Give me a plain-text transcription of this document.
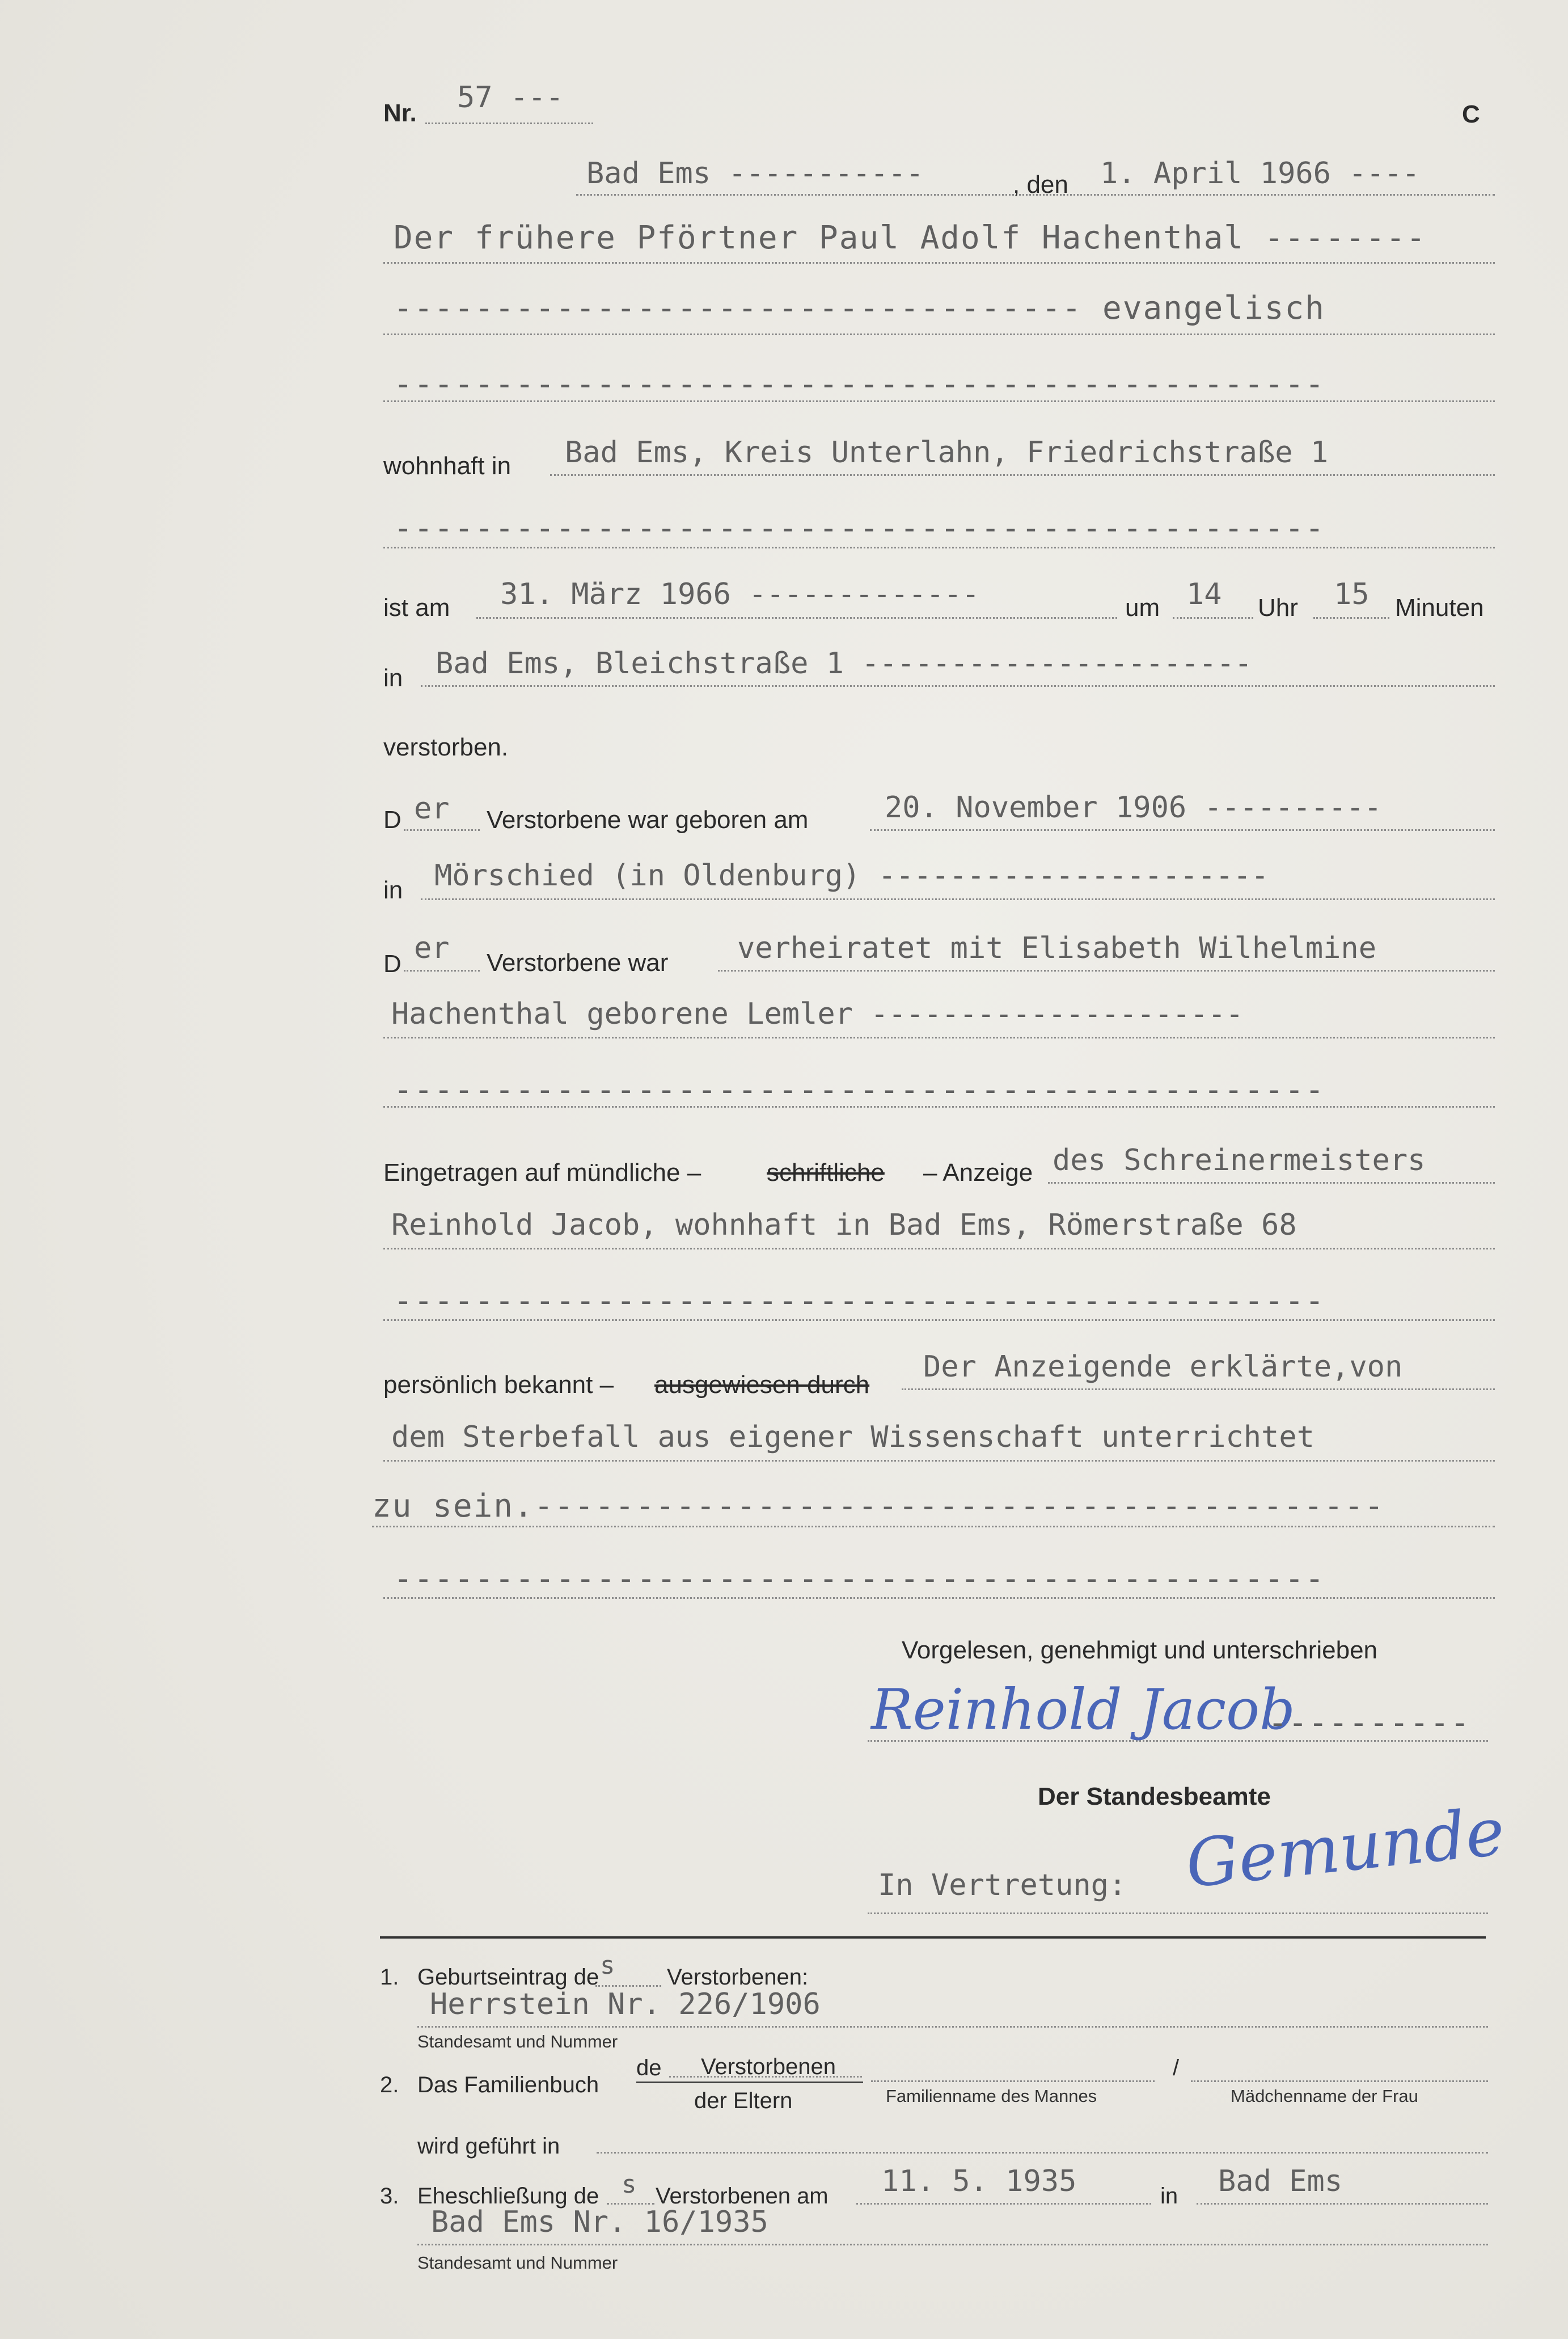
Nr. 57 ---	C
Bad Ems -----------	, den 1. April 1966 ----
Der frühere Pförtner Paul Adolf Hachenthal --------
---------------------------------- evangelisch
----------------------------------------------
wohnhaft in Bad Ems, Kreis Unterlahn, Friedrichstraße 1
----------------------------------------------
ist am 31. März 1966 -------------	um 14 Uhr 15 Minuten
in Bad Ems, Bleichstraße 1 ----------------------
verstorben.
D er Verstorbene war geboren am	20. November 1906 ----------
in Mörschied (in Oldenburg) ----------------------
D er Verstorbene war verheiratet mit Elisabeth Wilhelmine
Hachenthal geborene Lemler ---------------------
----------------------------------------------
Eingetragen auf mündliche –	schriftliche – Anzeige des Schreinermeisters
Reinhold Jacob, wohnhaft in Bad Ems, Römerstraße 68
----------------------------------------------
persönlich bekannt – ausgewiesen durch
Der Anzeigende erklärte,von
dem Sterbefall aus eigener Wissenschaft unterrichtet
zu sein.------------------------------------------
----------------------------------------------
Vorgelesen, genehmigt und unterschrieben
Reinhold Jacob
----------
Der Standesbeamte
In Vertretung: Gemunde
1. Geburtseintrag de s Verstorbenen:
Herrstein Nr. 226/1906
Standesamt und Nummer
2. Das Familienbuch
de Verstorbenen
der Eltern	Familienname des Mannes
/
Mädchenname der Frau
wird geführt in
3. Eheschließung de s Verstorbenen am 11. 5. 1935	in Bad Ems
Bad Ems Nr. 16/1935
Standesamt und Nummer
